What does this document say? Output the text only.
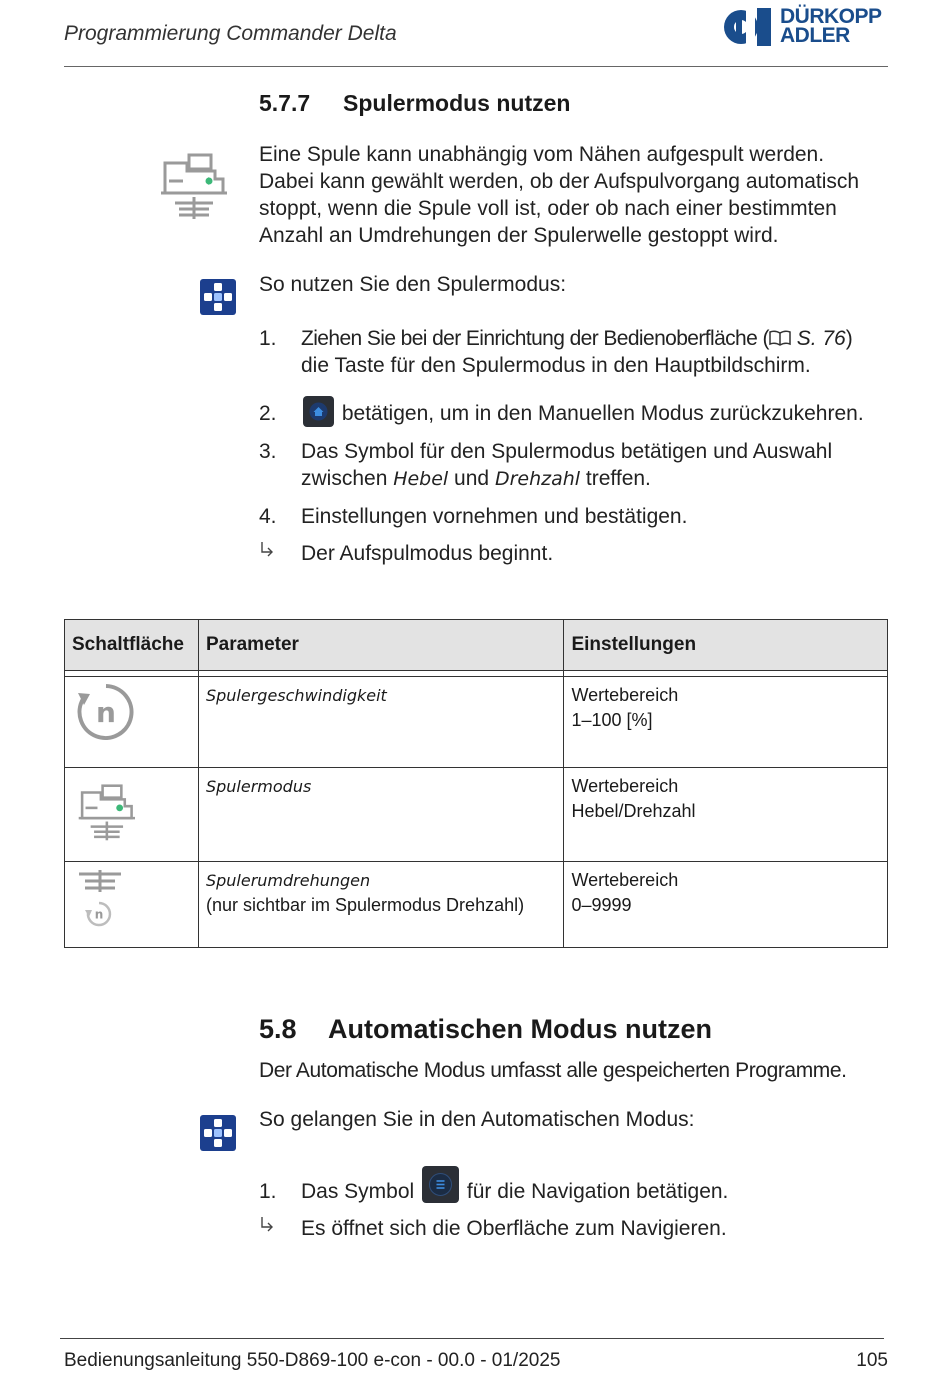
Programmierung Commander Delta
DÜRKOPP
ADLER
5.7.7 Spulermodus nutzen
Eine Spule kann unabhängig vom Nähen aufgespult werden.
Dabei kann gewählt werden, ob der Aufspulvorgang automatisch
stoppt, wenn die Spule voll ist, oder ob nach einer bestimmten
Anzahl an Umdrehungen der Spulerwelle gestoppt wird.
So nutzen Sie den Spulermodus:
1.	Ziehen Sie bei der Einrichtung der Bedienoberfläche ( S. 76)
die Taste für den Spulermodus in den Hauptbildschirm.
2.	betätigen, um in den Manuellen Modus zurückzukehren.
3.	Das Symbol für den Spulermodus betätigen und Auswahl
zwischen Hebel und Drehzahl treffen.
4.	Einstellungen vornehmen und bestätigen.
Der Aufspulmodus beginnt.
Schaltfläche	Parameter	Einstellungen

n	Spulergeschwindigkeit	Wertebereich
1–100 [%]
	Spulermodus	Wertebereich
Hebel/Drehzahl

n	Spulerumdrehungen
(nur sichtbar im Spulermodus Drehzahl)	Wertebereich
0–9999
5.8 Automatischen Modus nutzen
Der Automatische Modus umfasst alle gespeicherten Programme.
So gelangen Sie in den Automatischen Modus:
1.	Das Symbol	für die Navigation betätigen.
Es öffnet sich die Oberfläche zum Navigieren.
Bedienungsanleitung 550-D869-100 e-con - 00.0 - 01/2025	105
